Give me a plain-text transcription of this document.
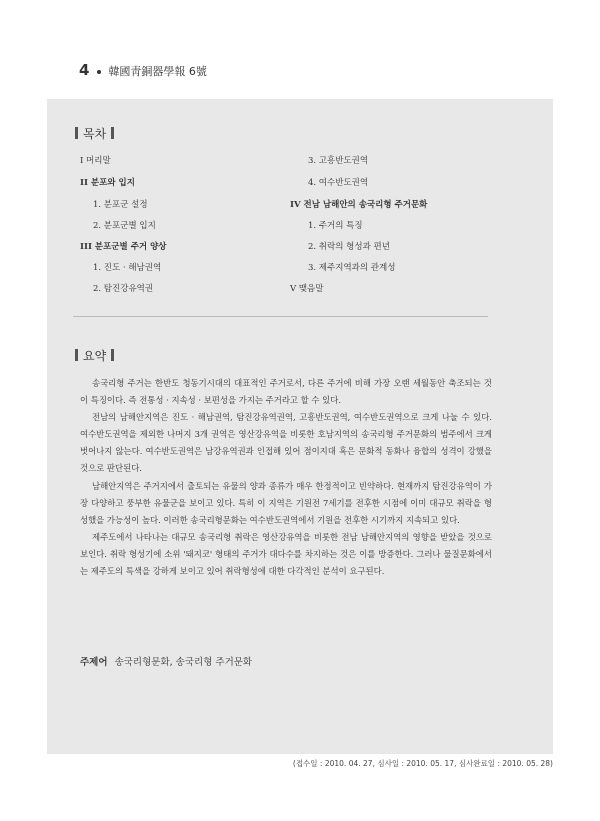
4 韓國靑銅器學報 6號
목차
I 머리말
II 분포와 입지
1. 분포군 설정
2. 분포군별 입지
III 분포군별 주거 양상
1. 진도 · 해남권역
2. 탐진강유역권
3. 고흥반도권역
4. 여수반도권역
IV 전남 남해안의 송국리형 주거문화
1. 주거의 특징
2. 취락의 형성과 편년
3. 제주지역과의 관계성
V 맺음말
요약

송국리형 주거는 한반도 청동기시대의 대표적인 주거로서, 다른 주거에 비해 가장 오랜 세월동안 축조되는 것이 특징이다. 즉 전통성 · 지속성 · 보편성을 가지는 주거라고 할 수 있다.

전남의 남해안지역은 진도 · 해남권역, 탐진강유역권역, 고흥반도권역, 여수반도권역으로 크게 나눌 수 있다. 여수반도권역을 제외한 나머지 3개 권역은 영산강유역을 비롯한 호남지역의 송국리형 주거문화의 범주에서 크게 벗어나지 않는다. 여수반도권역은 남강유역권과 인접해 있어 점이지대 혹은 문화적 동화나 융합의 성격이 강했을 것으로 판단된다.

남해안지역은 주거지에서 출토되는 유물의 양과 종류가 매우 한정적이고 빈약하다. 현재까지 탐진강유역이 가장 다양하고 풍부한 유물군을 보이고 있다. 특히 이 지역은 기원전 7세기를 전후한 시점에 이미 대규모 취락을 형성했을 가능성이 높다. 이러한 송국리형문화는 여수반도권역에서 기원을 전후한 시기까지 지속되고 있다.

제주도에서 나타나는 대규모 송국리형 취락은 영산강유역을 비롯한 전남 남해안지역의 영향을 받았을 것으로 보인다. 취락 형성기에 소위 '돼지코' 형태의 주거가 대다수를 차지하는 것은 이를 방증한다. 그러나 물질문화에서는 제주도의 특색을 강하게 보이고 있어 취락형성에 대한 다각적인 분석이 요구된다.

주제어 송국리형문화, 송국리형 주거문화
(접수일 : 2010. 04. 27, 심사일 : 2010. 05. 17, 심사완료일 : 2010. 05. 28)
